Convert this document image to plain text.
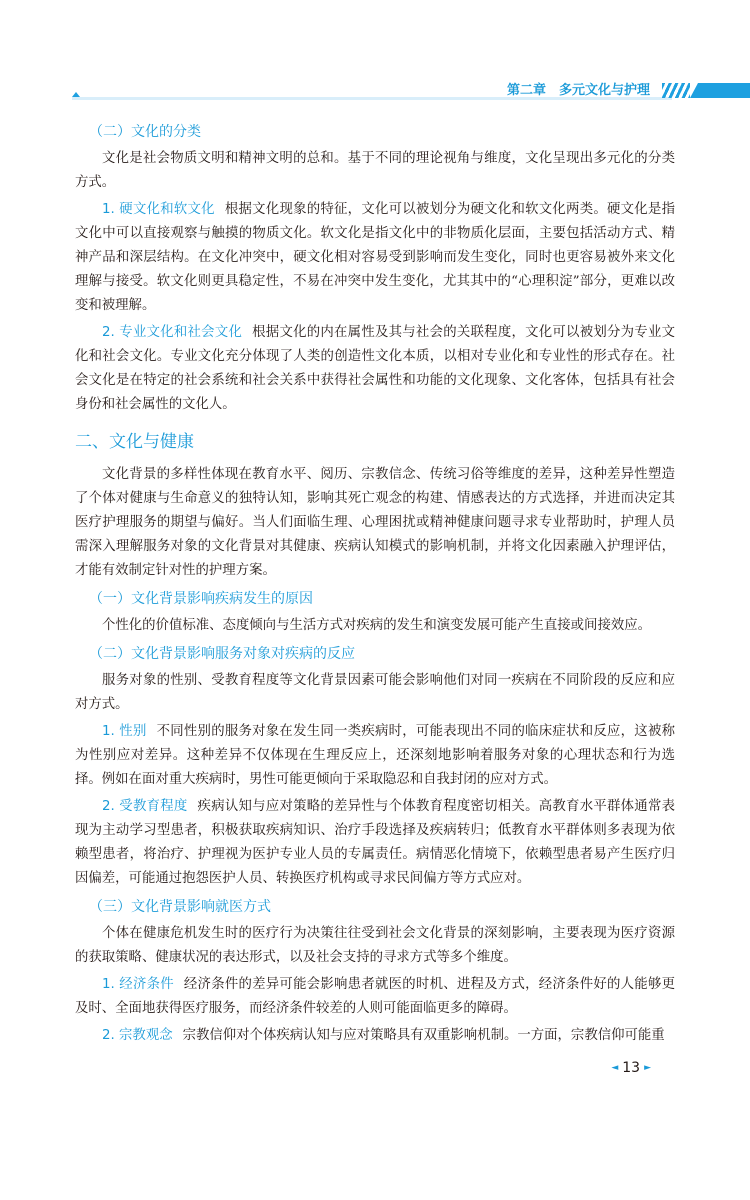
第二章　多元文化与护理
（二）文化的分类

文化是社会物质文明和精神文明的总和。基于不同的理论视角与维度，文化呈现出多元化的分类方式。

1. 硬文化和软文化 根据文化现象的特征，文化可以被划分为硬文化和软文化两类。硬文化是指文化中可以直接观察与触摸的物质文化。软文化是指文化中的非物质化层面，主要包括活动方式、精神产品和深层结构。在文化冲突中，硬文化相对容易受到影响而发生变化，同时也更容易被外来文化理解与接受。软文化则更具稳定性，不易在冲突中发生变化，尤其其中的“心理积淀”部分，更难以改变和被理解。

2. 专业文化和社会文化 根据文化的内在属性及其与社会的关联程度，文化可以被划分为专业文化和社会文化。专业文化充分体现了人类的创造性文化本质，以相对专业化和专业性的形式存在。社会文化是在特定的社会系统和社会关系中获得社会属性和功能的文化现象、文化客体，包括具有社会身份和社会属性的文化人。

二、文化与健康

文化背景的多样性体现在教育水平、阅历、宗教信念、传统习俗等维度的差异，这种差异性塑造了个体对健康与生命意义的独特认知，影响其死亡观念的构建、情感表达的方式选择，并进而决定其医疗护理服务的期望与偏好。当人们面临生理、心理困扰或精神健康问题寻求专业帮助时，护理人员需深入理解服务对象的文化背景对其健康、疾病认知模式的影响机制，并将文化因素融入护理评估，才能有效制定针对性的护理方案。

（一）文化背景影响疾病发生的原因

个性化的价值标准、态度倾向与生活方式对疾病的发生和演变发展可能产生直接或间接效应。

（二）文化背景影响服务对象对疾病的反应

服务对象的性别、受教育程度等文化背景因素可能会影响他们对同一疾病在不同阶段的反应和应对方式。

1. 性别 不同性别的服务对象在发生同一类疾病时，可能表现出不同的临床症状和反应，这被称为性别应对差异。这种差异不仅体现在生理反应上，还深刻地影响着服务对象的心理状态和行为选择。例如在面对重大疾病时，男性可能更倾向于采取隐忍和自我封闭的应对方式。

2. 受教育程度 疾病认知与应对策略的差异性与个体教育程度密切相关。高教育水平群体通常表现为主动学习型患者，积极获取疾病知识、治疗手段选择及疾病转归；低教育水平群体则多表现为依赖型患者，将治疗、护理视为医护专业人员的专属责任。病情恶化情境下，依赖型患者易产生医疗归因偏差，可能通过抱怨医护人员、转换医疗机构或寻求民间偏方等方式应对。

（三）文化背景影响就医方式

个体在健康危机发生时的医疗行为决策往往受到社会文化背景的深刻影响，主要表现为医疗资源的获取策略、健康状况的表达形式，以及社会支持的寻求方式等多个维度。

1. 经济条件 经济条件的差异可能会影响患者就医的时机、进程及方式，经济条件好的人能够更及时、全面地获得医疗服务，而经济条件较差的人则可能面临更多的障碍。

2. 宗教观念 宗教信仰对个体疾病认知与应对策略具有双重影响机制。一方面，宗教信仰可能重

◄ 13 ►
